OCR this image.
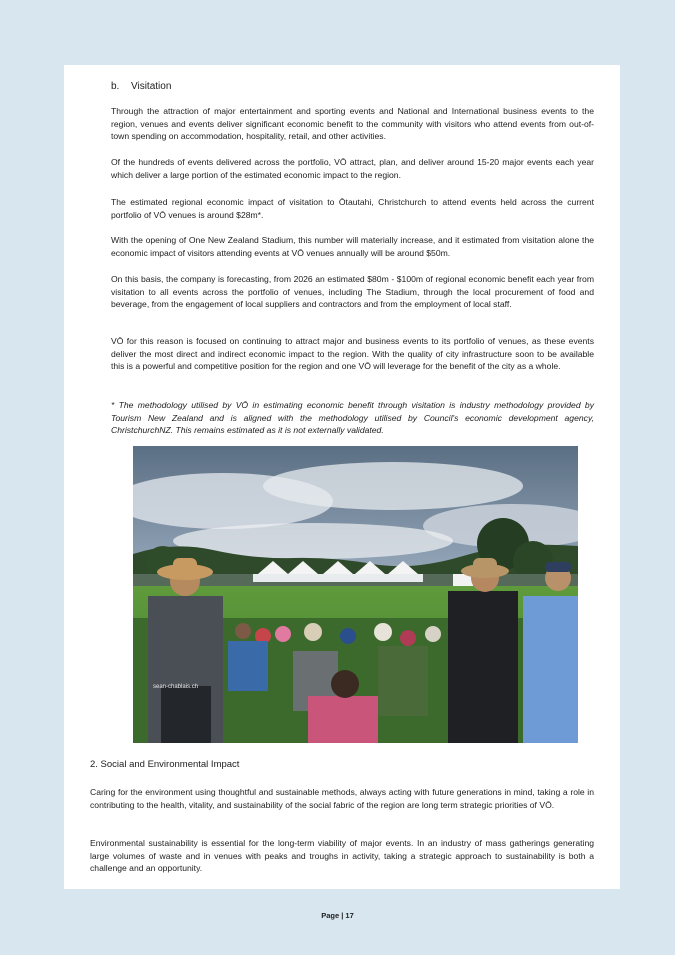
b. Visitation

Through the attraction of major entertainment and sporting events and National and International business events to the region, venues and events deliver significant economic benefit to the community with visitors who attend events from out-of-town spending on accommodation, hospitality, retail, and other activities.

Of the hundreds of events delivered across the portfolio, VŌ attract, plan, and deliver around 15-20 major events each year which deliver a large portion of the estimated economic impact to the region.

The estimated regional economic impact of visitation to Ōtautahi, Christchurch to attend events held across the current portfolio of VŌ venues is around $28m*.

With the opening of One New Zealand Stadium, this number will materially increase, and it estimated from visitation alone the economic impact of visitors attending events at VŌ venues annually will be around $50m.

On this basis, the company is forecasting, from 2026 an estimated $80m - $100m of regional economic benefit each year from visitation to all events across the portfolio of venues, including The Stadium, through the local procurement of food and beverage, from the engagement of local suppliers and contractors and from the employment of local staff.

VŌ for this reason is focused on continuing to attract major and business events to its portfolio of venues, as these events deliver the most direct and indirect economic impact to the region. With the quality of city infrastructure soon to be available this is a powerful and competitive position for the region and one VŌ will leverage for the benefit of the city as a whole.

* The methodology utilised by VŌ in estimating economic benefit through visitation is industry methodology provided by Tourism New Zealand and is aligned with the methodology utilised by Council's economic development agency, ChristchurchNZ. This remains estimated as it is not externally validated.

sean-chablais.ch
2. Social and Environmental Impact

Caring for the environment using thoughtful and sustainable methods, always acting with future generations in mind, taking a role in contributing to the health, vitality, and sustainability of the social fabric of the region are long term strategic priorities of VŌ.

Environmental sustainability is essential for the long-term viability of major events. In an industry of mass gatherings generating large volumes of waste and in venues with peaks and troughs in activity, taking a strategic approach to sustainability is both a challenge and an opportunity.

Page | 17
